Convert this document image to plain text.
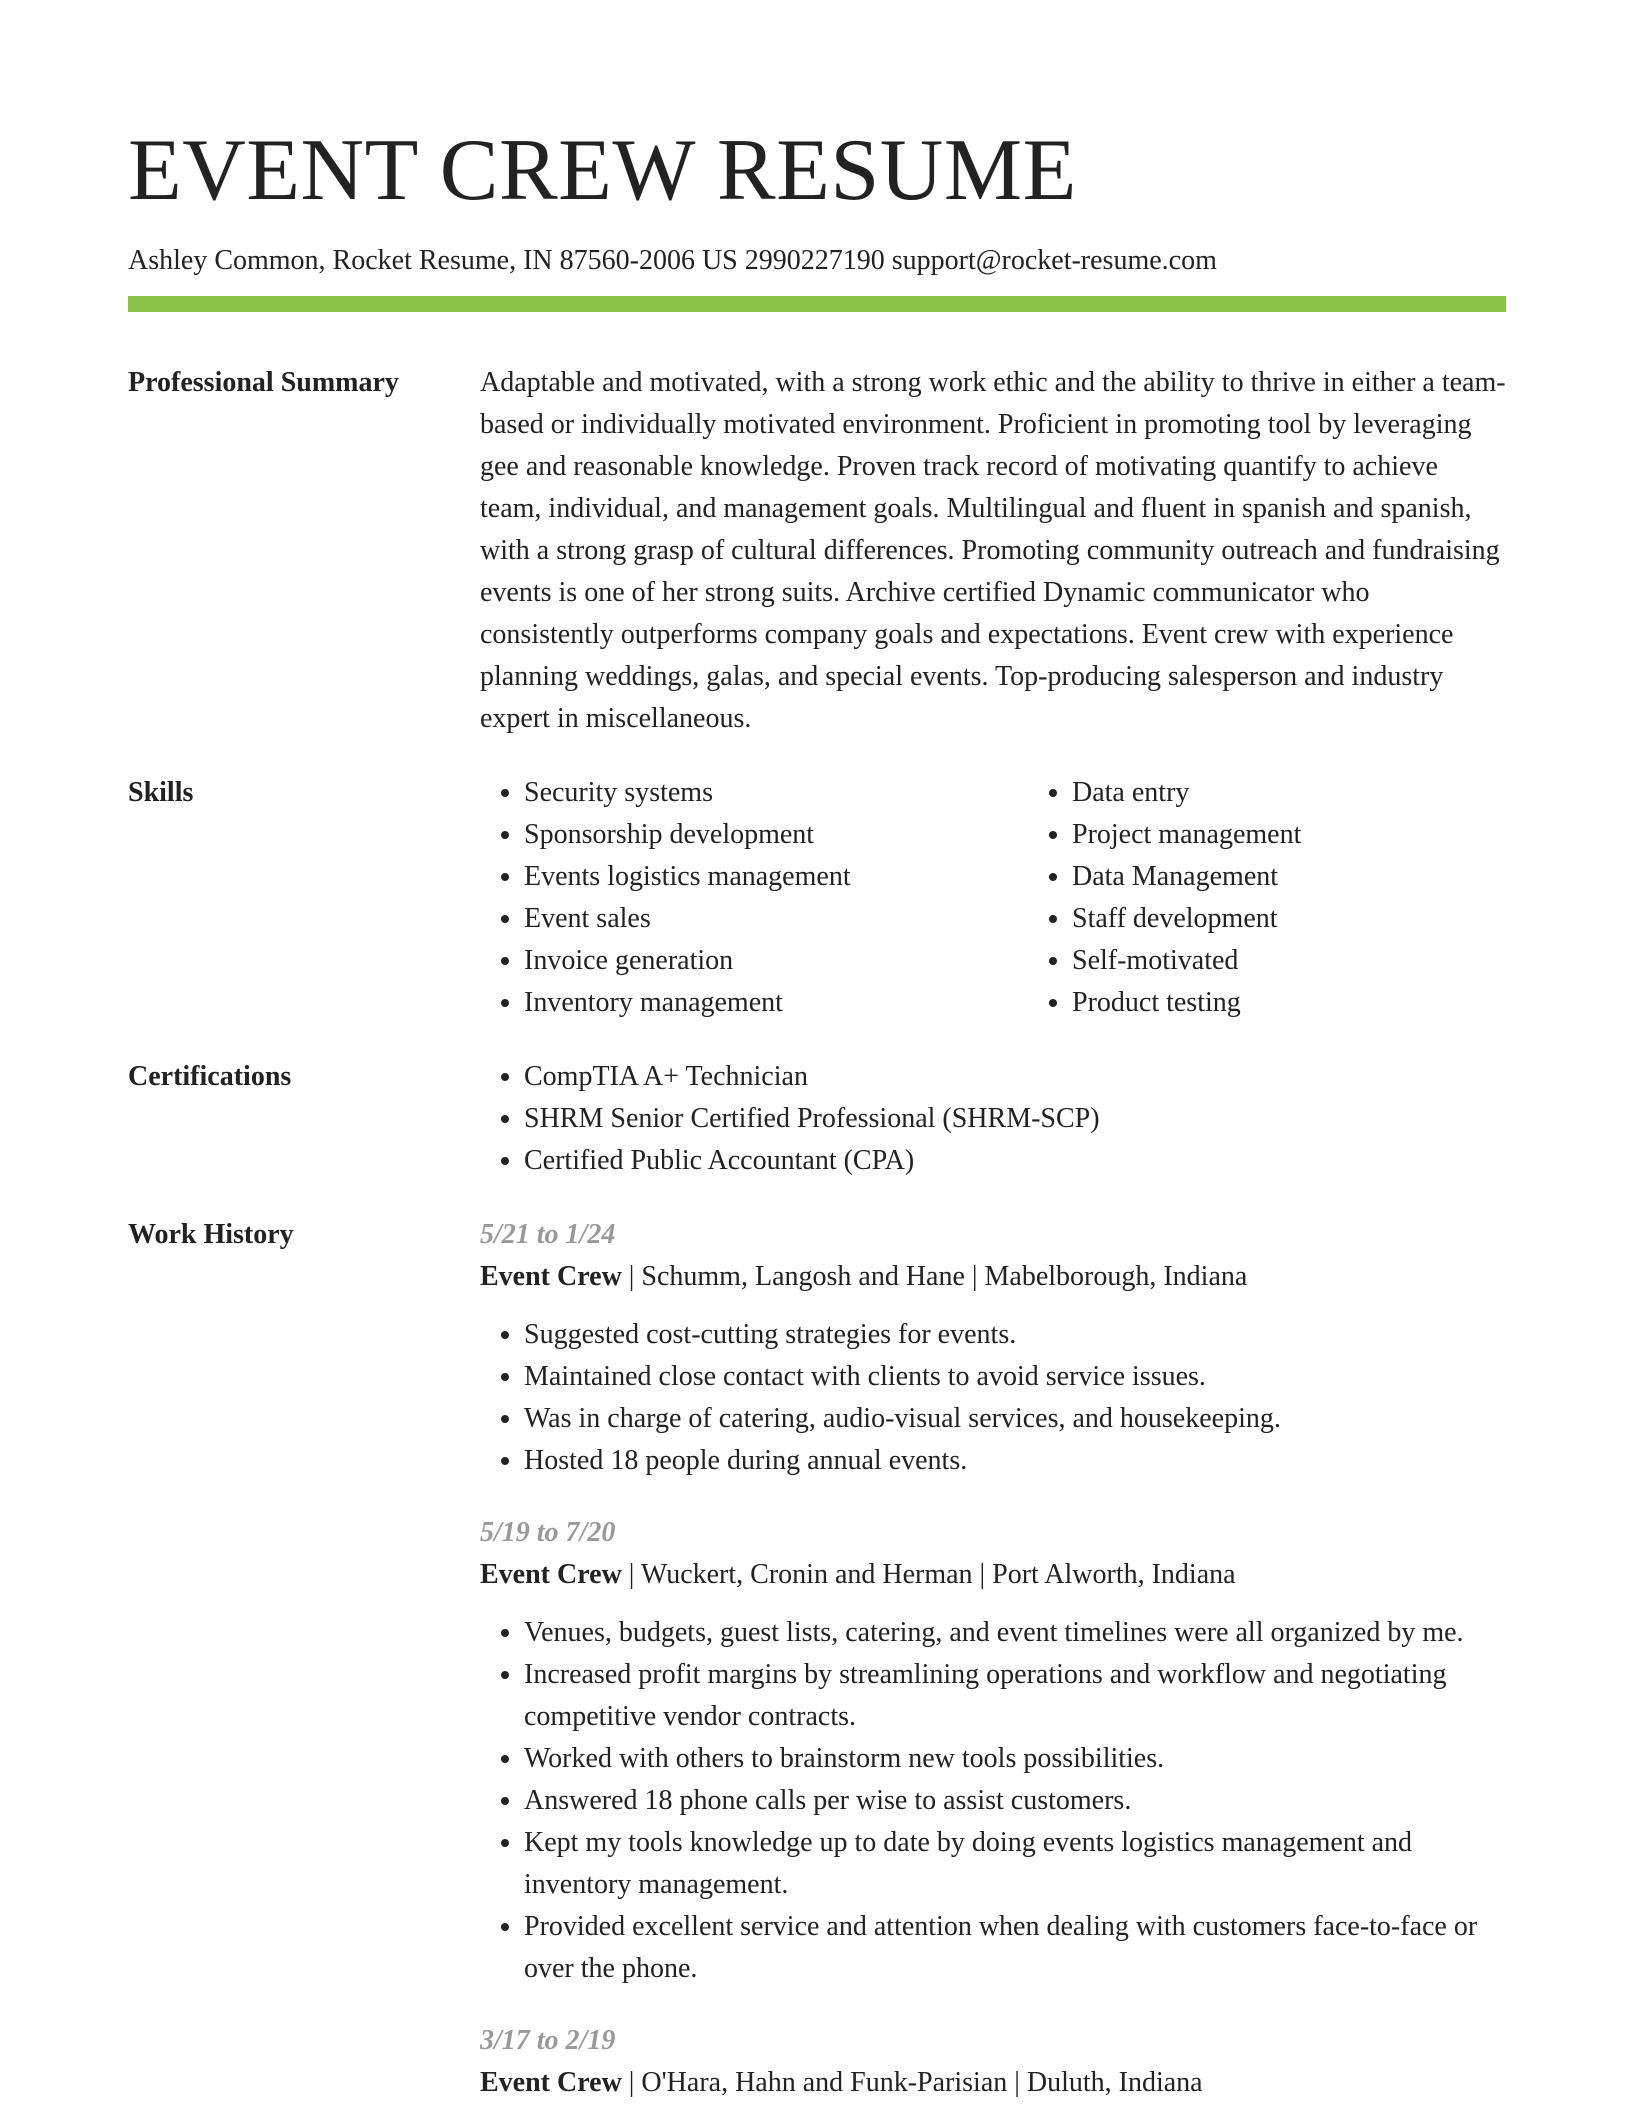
EVENT CREW RESUME
Ashley Common, Rocket Resume, IN 87560-2006 US 2990227190 support@rocket-resume.com
Professional Summary	Adaptable and motivated, with a strong work ethic and the ability to thrive in either a team-based or individually motivated environment. Proficient in promoting tool by leveraging gee and reasonable knowledge. Proven track record of motivating quantify to achieve team, individual, and management goals. Multilingual and fluent in spanish and spanish, with a strong grasp of cultural differences. Promoting community outreach and fundraising events is one of her strong suits. Archive certified Dynamic communicator who consistently outperforms company goals and expectations. Event crew with experience planning weddings, galas, and special events. Top-producing salesperson and industry expert in miscellaneous.

Skills	• Security systems
• Sponsorship development
• Events logistics management
• Event sales
• Invoice generation
• Inventory management
• Data entry
• Project management
• Data Management
• Staff development
• Self-motivated
• Product testing
Certifications	• CompTIA A+ Technician
• SHRM Senior Certified Professional (SHRM-SCP)
• Certified Public Accountant (CPA)
Work History	5/21 to 1/24
Event Crew | Schumm, Langosh and Hane | Mabelborough, Indiana
• Suggested cost-cutting strategies for events.
• Maintained close contact with clients to avoid service issues.
• Was in charge of catering, audio-visual services, and housekeeping.
• Hosted 18 people during annual events.
5/19 to 7/20
Event Crew | Wuckert, Cronin and Herman | Port Alworth, Indiana
• Venues, budgets, guest lists, catering, and event timelines were all organized by me.
• Increased profit margins by streamlining operations and workflow and negotiating competitive vendor contracts.
• Worked with others to brainstorm new tools possibilities.
• Answered 18 phone calls per wise to assist customers.
• Kept my tools knowledge up to date by doing events logistics management and inventory management.
• Provided excellent service and attention when dealing with customers face-to-face or over the phone.
3/17 to 2/19
Event Crew | O'Hara, Hahn and Funk-Parisian | Duluth, Indiana
